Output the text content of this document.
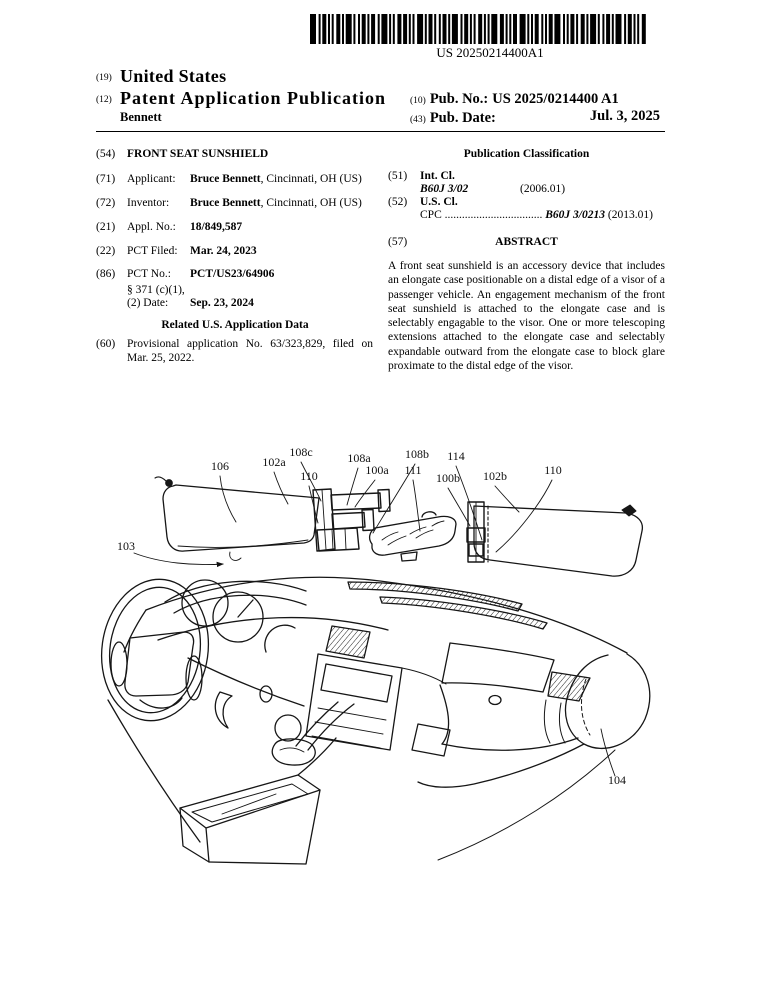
US 20250214400A1
(19) United States
(12) Patent Application Publication
Bennett
(10) Pub. No.: US 2025/0214400 A1
(43) Pub. Date:	Jul. 3, 2025
(54) FRONT SEAT SUNSHIELD
(71) Applicant: Bruce Bennett, Cincinnati, OH (US)
(72) Inventor: Bruce Bennett, Cincinnati, OH (US)
(21) Appl. No.: 18/849,587
(22) PCT Filed: Mar. 24, 2023
(86) PCT No.: PCT/US23/64906
§ 371 (c)(1),
(2) Date: Sep. 23, 2024
Related U.S. Application Data
(60) Provisional application No. 63/323,829, filed on Mar. 25, 2022.
Publication Classification
(51) Int. Cl.
B60J 3/02	(2006.01)
(52) U.S. Cl.
CPC .................................. B60J 3/0213 (2013.01)
(57)	ABSTRACT
A front seat sunshield is an accessory device that includes an elongate case positionable on a distal edge of a visor of a passenger vehicle. An engagement mechanism of the front seat sunshield is attached to the elongate case and is selectably engagable to the visor. One or more telescoping extensions attached to the elongate case and selectably expandable outward from the elongate case to block glare proximate to the distal edge of the visor.
103
106	102a
108c
110
108a
100a
108b
111
114
100b 102b	110
104
